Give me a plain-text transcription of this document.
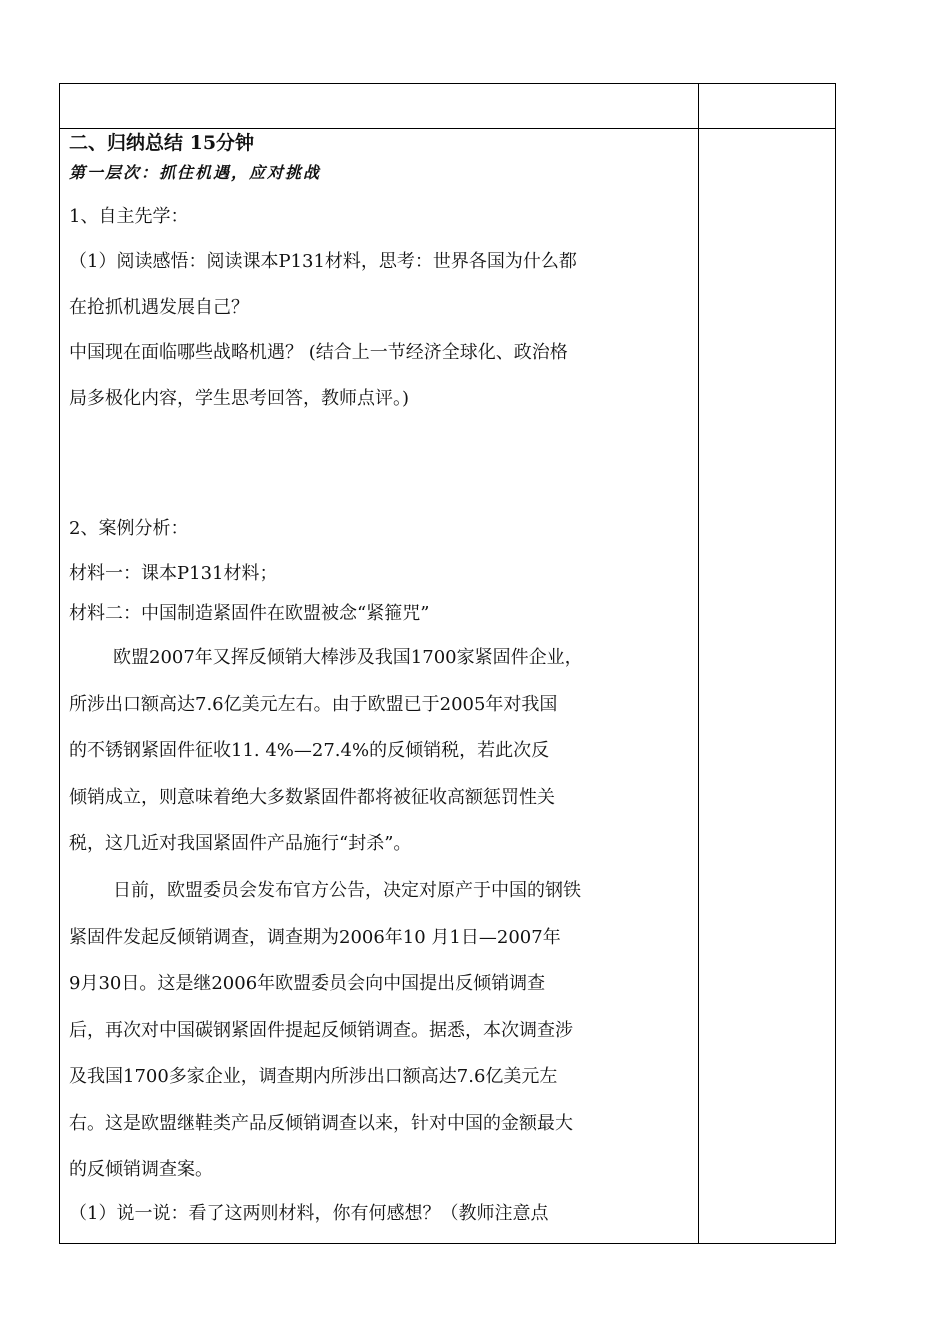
二、归纳总结 15分钟
第一层次：抓住机遇，应对挑战
1、自主先学：
（1）阅读感悟：阅读课本P131材料，思考：世界各国为什么都
在抢抓机遇发展自己？
中国现在面临哪些战略机遇？ (结合上一节经济全球化、政治格
局多极化内容，学生思考回答，教师点评。)
2、案例分析：
材料一：课本P131材料；
材料二：中国制造紧固件在欧盟被念“紧箍咒”
欧盟2007年又挥反倾销大棒涉及我国1700家紧固件企业，
所涉出口额高达7.6亿美元左右。由于欧盟已于2005年对我国
的不锈钢紧固件征收11. 4%—27.4%的反倾销税，若此次反
倾销成立，则意味着绝大多数紧固件都将被征收高额惩罚性关
税，这几近对我国紧固件产品施行“封杀”。
日前，欧盟委员会发布官方公告，决定对原产于中国的钢铁
紧固件发起反倾销调查，调查期为2006年10 月1日—2007年
9月30日。这是继2006年欧盟委员会向中国提出反倾销调查
后，再次对中国碳钢紧固件提起反倾销调查。据悉，本次调查涉
及我国1700多家企业，调查期内所涉出口额高达7.6亿美元左
右。这是欧盟继鞋类产品反倾销调查以来，针对中国的金额最大
的反倾销调查案。
（1）说一说：看了这两则材料，你有何感想？（教师注意点
